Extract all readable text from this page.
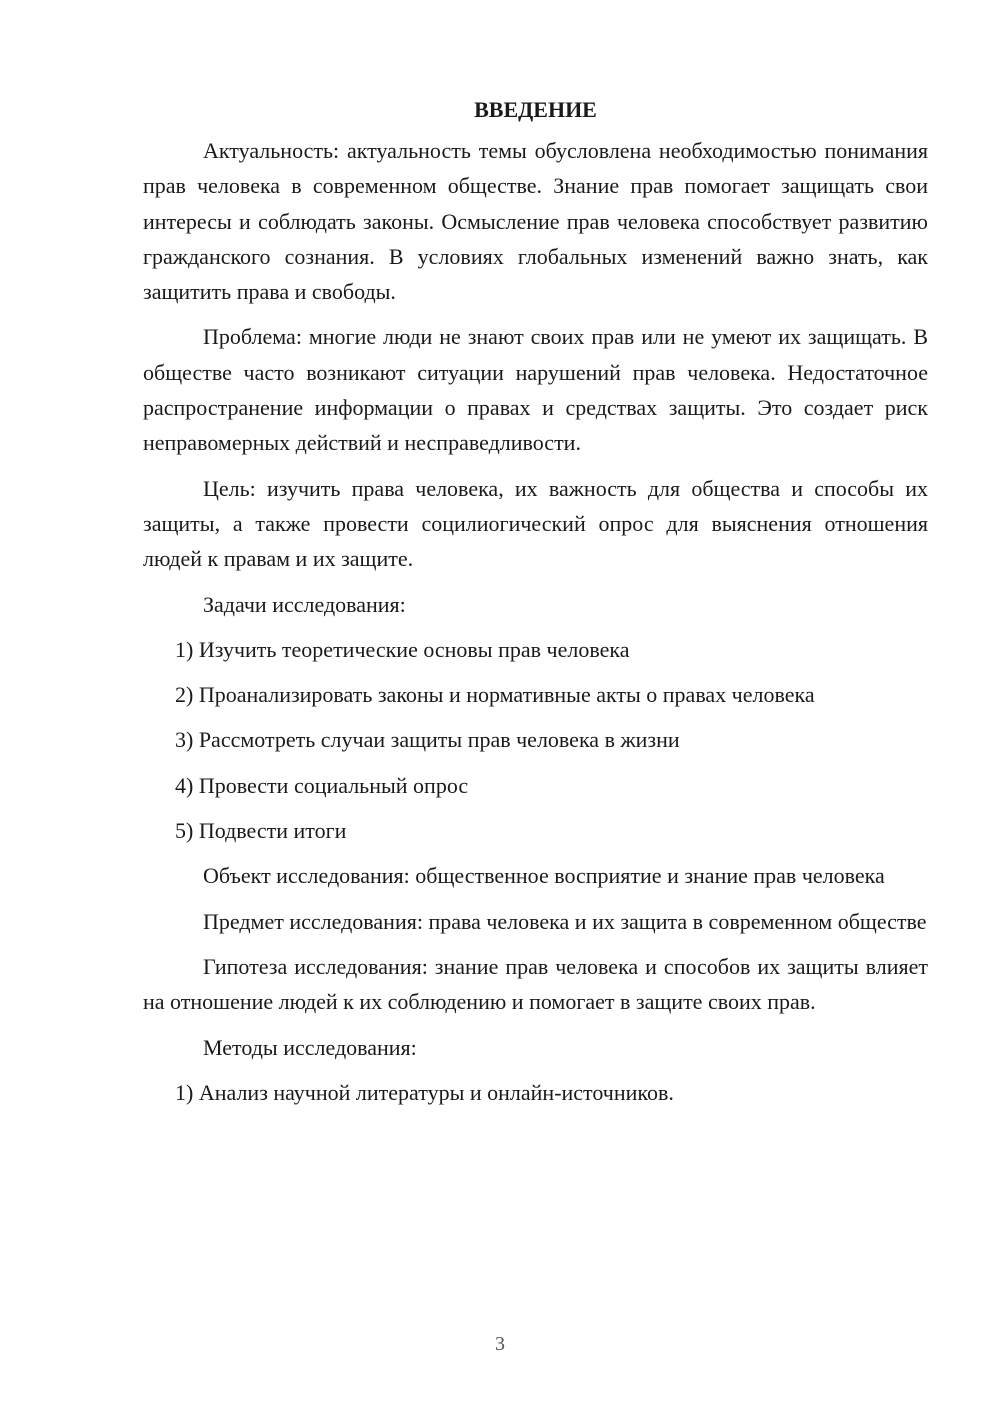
ВВЕДЕНИЕ

Актуальность: актуальность темы обусловлена необходимостью понимания прав человека в современном обществе. Знание прав помогает защищать свои интересы и соблюдать законы. Осмысление прав человека способствует развитию гражданского сознания. В условиях глобальных изменений важно знать, как защитить права и свободы.

Проблема: многие люди не знают своих прав или не умеют их защищать. В обществе часто возникают ситуации нарушений прав человека. Недостаточное распространение информации о правах и средствах защиты. Это создает риск неправомерных действий и несправедливости.

Цель: изучить права человека, их важность для общества и способы их защиты, а также провести социлиогический опрос для выяснения отношения людей к правам и их защите.

Задачи исследования:

1) Изучить теоретические основы прав человека

2) Проанализировать законы и нормативные акты о правах человека

3) Рассмотреть случаи защиты прав человека в жизни

4) Провести социальный опрос

5) Подвести итоги

Объект исследования: общественное восприятие и знание прав человека

Предмет исследования: права человека и их защита в современном обществе

Гипотеза исследования: знание прав человека и способов их защиты влияет на отношение людей к их соблюдению и помогает в защите своих прав.

Методы исследования:

1) Анализ научной литературы и онлайн-источников.

3
